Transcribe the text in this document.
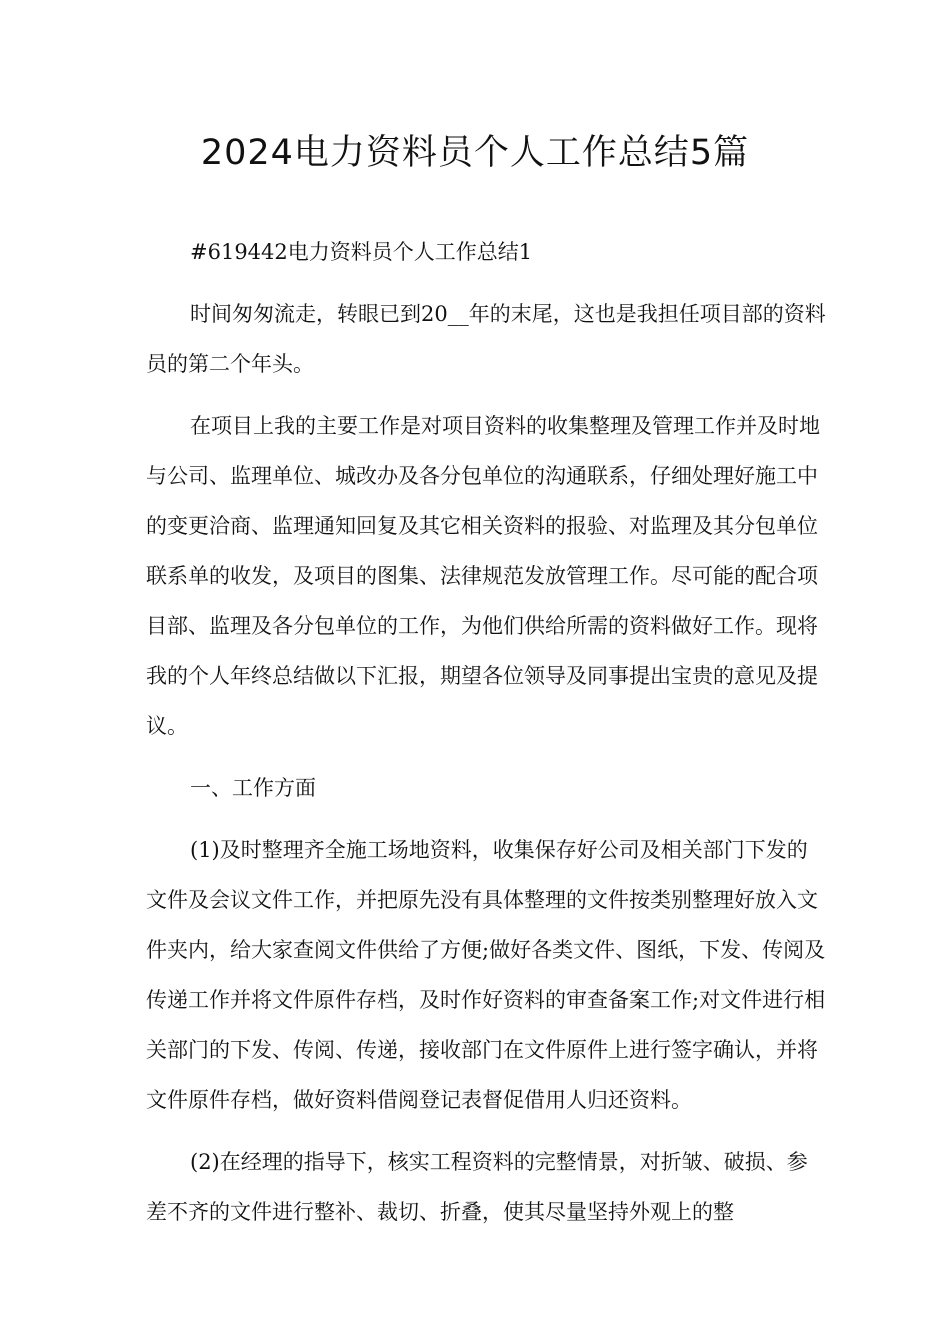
2024电力资料员个人工作总结5篇

#619442电力资料员个人工作总结1

时间匆匆流走，转眼已到20__年的末尾，这也是我担任项目部的资料员的第二个年头。

在项目上我的主要工作是对项目资料的收集整理及管理工作并及时地与公司、监理单位、城改办及各分包单位的沟通联系，仔细处理好施工中的变更洽商、监理通知回复及其它相关资料的报验、对监理及其分包单位联系单的收发，及项目的图集、法律规范发放管理工作。尽可能的配合项目部、监理及各分包单位的工作，为他们供给所需的资料做好工作。现将我的个人年终总结做以下汇报，期望各位领导及同事提出宝贵的意见及提议。

一、工作方面

(1)及时整理齐全施工场地资料，收集保存好公司及相关部门下发的文件及会议文件工作，并把原先没有具体整理的文件按类别整理好放入文件夹内，给大家查阅文件供给了方便;做好各类文件、图纸，下发、传阅及传递工作并将文件原件存档，及时作好资料的审查备案工作;对文件进行相关部门的下发、传阅、传递，接收部门在文件原件上进行签字确认，并将文件原件存档，做好资料借阅登记表督促借用人归还资料。

(2)在经理的指导下，核实工程资料的完整情景，对折皱、破损、参差不齐的文件进行整补、裁切、折叠，使其尽量坚持外观上的整
